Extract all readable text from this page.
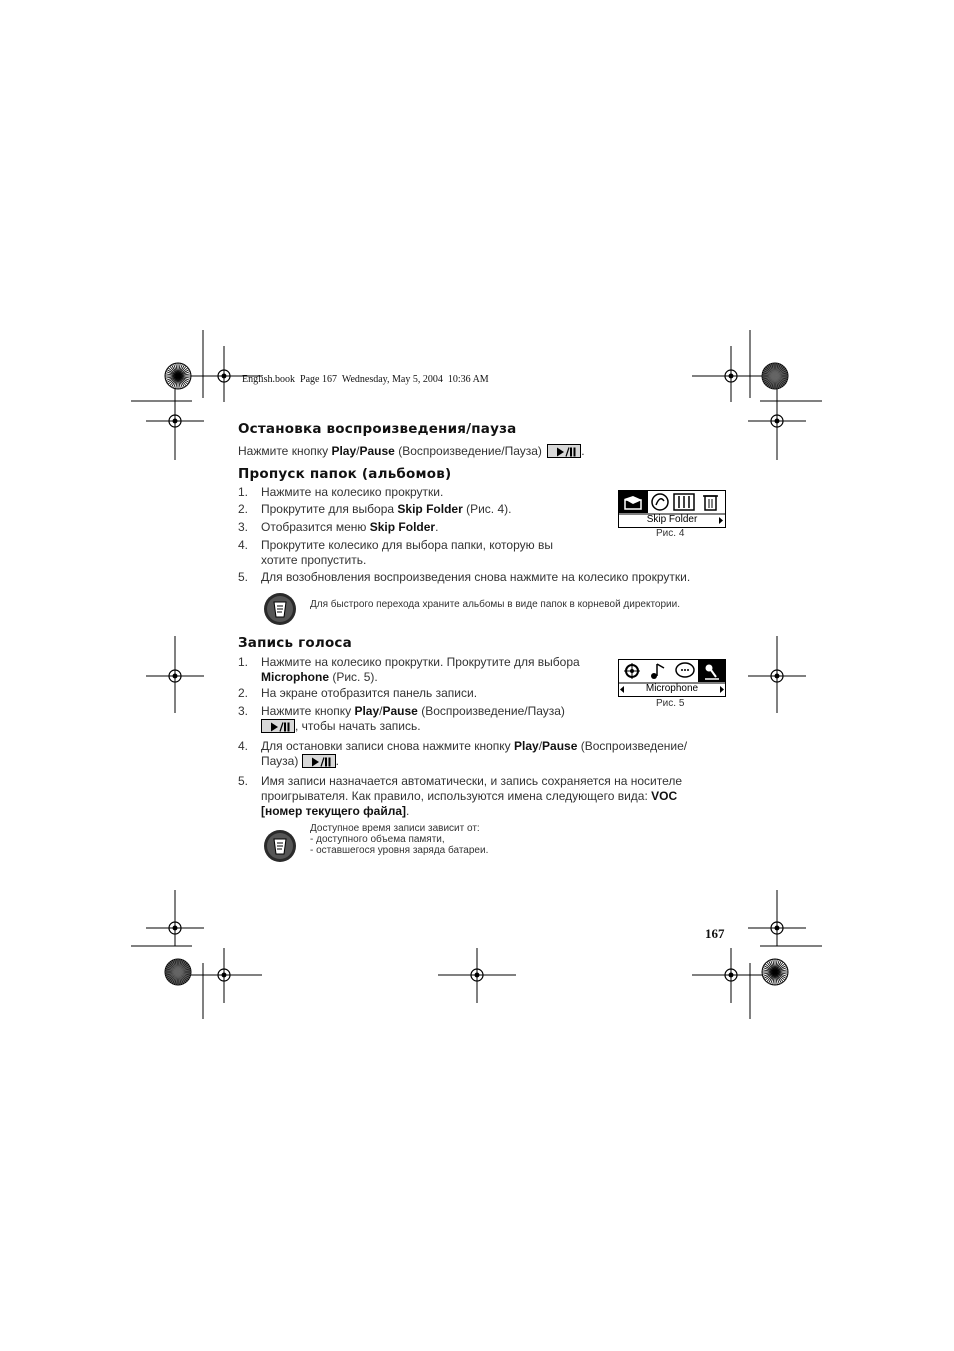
English.book  Page 167  Wednesday, May 5, 2004  10:36 AM
Остановка воспроизведения/пауза
Нажмите кнопку Play/Pause (Воспроизведение/Пауза)	.
Пропуск папок (альбомов)
1.	Нажмите на колесико прокрутки.
2.	Прокрутите для выбора Skip Folder (Рис. 4).
3.	Отобразится меню Skip Folder.
4.	Прокрутите колесико для выбора папки, которую вы
хотите пропустить.
5.	Для возобновления воспроизведения снова нажмите на колесико прокрутки.
Skip Folder
Рис. 4
Для быстрого перехода храните альбомы в виде папок в корневой директории.
Запись голоса
1.	Нажмите на колесико прокрутки. Прокрутите для выбора
Microphone (Рис. 5).
2.	На экране отобразится панель записи.
3.	Нажмите кнопку Play/Pause (Воспроизведение/Пауза)

, чтобы начать запись.
4.	Для остановки записи снова нажмите кнопку Play/Pause (Воспроизведение/
Пауза)	.
5.	Имя записи назначается автоматически, и запись сохраняется на носителе
проигрывателя. Как правило, используются имена следующего вида: VOC
[номер текущего файла].
Microphone
Рис. 5
Доступное время записи зависит от:
- доступного объема памяти,
- оставшегося уровня заряда батареи.
167
